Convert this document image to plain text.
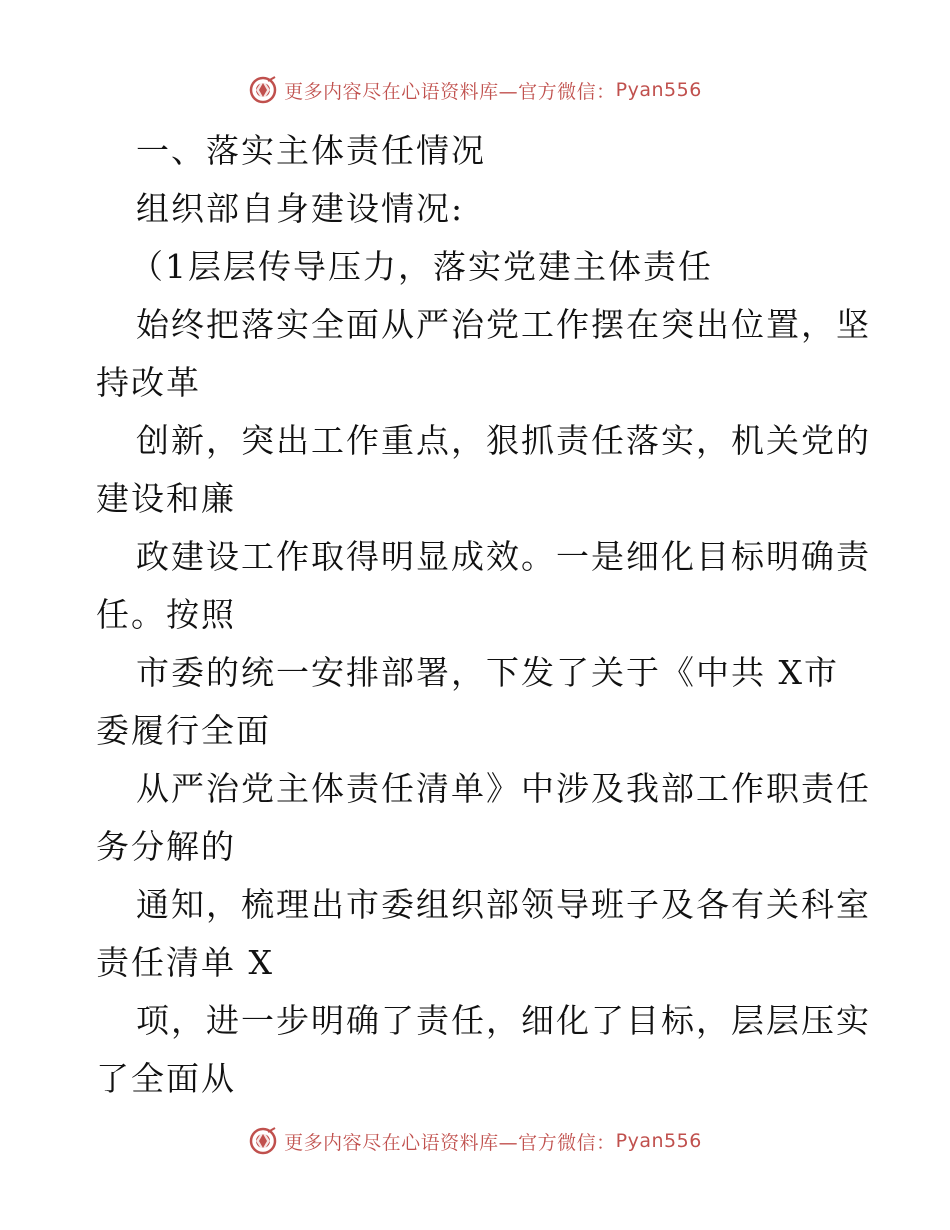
更多内容尽在心语资料库—官方微信： Pyan556
一、落实主体责任情况
组织部自身建设情况:
（1层层传导压力，落实党建主体责任
始终把落实全面从严治党工作摆在突出位置，坚
持改革
创新，突出工作重点，狠抓责任落实，机关党的
建设和廉
政建设工作取得明显成效。一是细化目标明确责
任。按照
市委的统一安排部署，下发了关于《中共 X市
委履行全面
从严治党主体责任清单》中涉及我部工作职责任
务分解的
通知，梳理出市委组织部领导班子及各有关科室
责任清单 X
项，进一步明确了责任，细化了目标，层层压实
了全面从
更多内容尽在心语资料库—官方微信： Pyan556
